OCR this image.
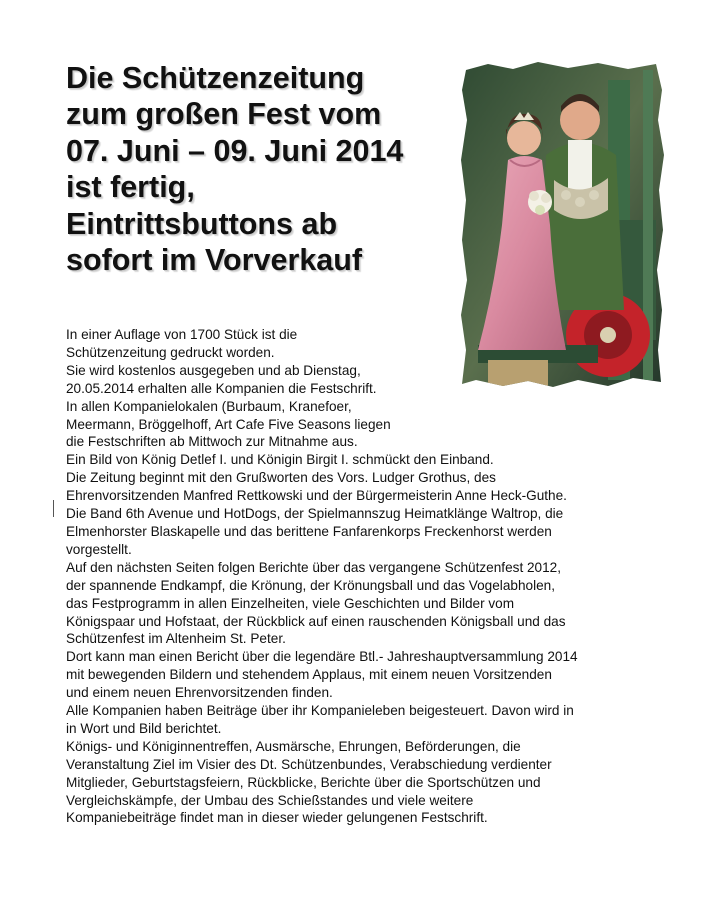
Die Schützenzeitung
zum großen Fest vom
07. Juni – 09. Juni 2014
ist fertig,
Eintrittsbuttons ab
sofort im Vorverkauf
In einer Auflage von 1700 Stück ist die
Schützenzeitung gedruckt worden.
Sie wird kostenlos ausgegeben und ab Dienstag,
20.05.2014 erhalten alle Kompanien die Festschrift.
In allen Kompanielokalen (Burbaum, Kranefoer,
Meermann, Bröggelhoff, Art Cafe Five Seasons liegen
die Festschriften ab Mittwoch zur Mitnahme aus.
Ein Bild von König Detlef I. und Königin Birgit I. schmückt den Einband.
Die Zeitung beginnt mit den Grußworten des Vors. Ludger Grothus, des
Ehrenvorsitzenden Manfred Rettkowski und der Bürgermeisterin Anne Heck-Guthe.
Die Band 6th Avenue und HotDogs, der Spielmannszug Heimatklänge Waltrop, die
Elmenhorster Blaskapelle und das berittene Fanfarenkorps Freckenhorst werden
vorgestellt.
Auf den nächsten Seiten folgen Berichte über das vergangene Schützenfest 2012,
der spannende Endkampf, die Krönung, der Krönungsball und das Vogelabholen,
das Festprogramm in allen Einzelheiten, viele Geschichten und Bilder vom
Königspaar und Hofstaat, der Rückblick auf einen rauschenden Königsball und das
Schützenfest im Altenheim St. Peter.
Dort kann man einen Bericht über die legendäre Btl.- Jahreshauptversammlung 2014
mit bewegenden Bildern und stehendem Applaus, mit einem neuen Vorsitzenden
und einem neuen Ehrenvorsitzenden finden.
Alle Kompanien haben Beiträge über ihr Kompanieleben beigesteuert. Davon wird in
in Wort und Bild berichtet.
Königs- und Königinnentreffen, Ausmärsche, Ehrungen, Beförderungen, die
Veranstaltung Ziel im Visier des Dt. Schützenbundes, Verabschiedung verdienter
Mitglieder, Geburtstagsfeiern, Rückblicke, Berichte über die Sportschützen und
Vergleichskämpfe, der Umbau des Schießstandes und viele weitere
Kompaniebeiträge findet man in dieser wieder gelungenen Festschrift.
